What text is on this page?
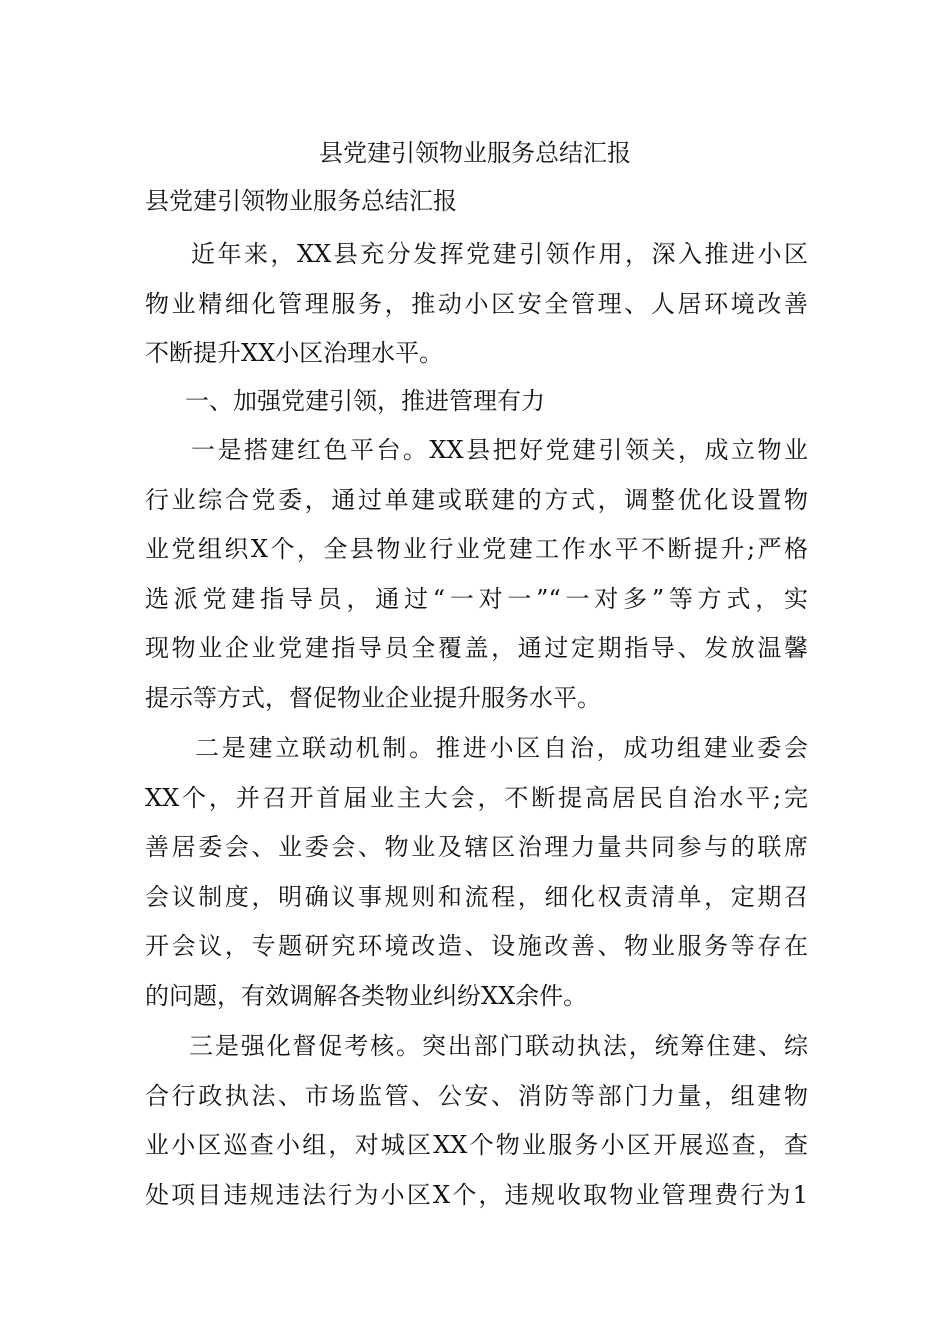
县党建引领物业服务总结汇报

县党建引领物业服务总结汇报

近年来，XX县充分发挥党建引领作用，深入推进小区
物业精细化管理服务，推动小区安全管理、人居环境改善
不断提升XX小区治理水平。
一、加强党建引领，推进管理有力
一是搭建红色平台。XX县把好党建引领关，成立物业
行业综合党委，通过单建或联建的方式，调整优化设置物
业党组织X个，全县物业行业党建工作水平不断提升;严格
选派党建指导员，通过“一对一”“一对多”等方式，实
现物业企业党建指导员全覆盖，通过定期指导、发放温馨
提示等方式，督促物业企业提升服务水平。
二是建立联动机制。推进小区自治，成功组建业委会
XX个，并召开首届业主大会，不断提高居民自治水平;完
善居委会、业委会、物业及辖区治理力量共同参与的联席
会议制度，明确议事规则和流程，细化权责清单，定期召
开会议，专题研究环境改造、设施改善、物业服务等存在
的问题，有效调解各类物业纠纷XX余件。
三是强化督促考核。突出部门联动执法，统筹住建、综
合行政执法、市场监管、公安、消防等部门力量，组建物
业小区巡查小组，对城区XX个物业服务小区开展巡查，查
处项目违规违法行为小区X个，违规收取物业管理费行为1
